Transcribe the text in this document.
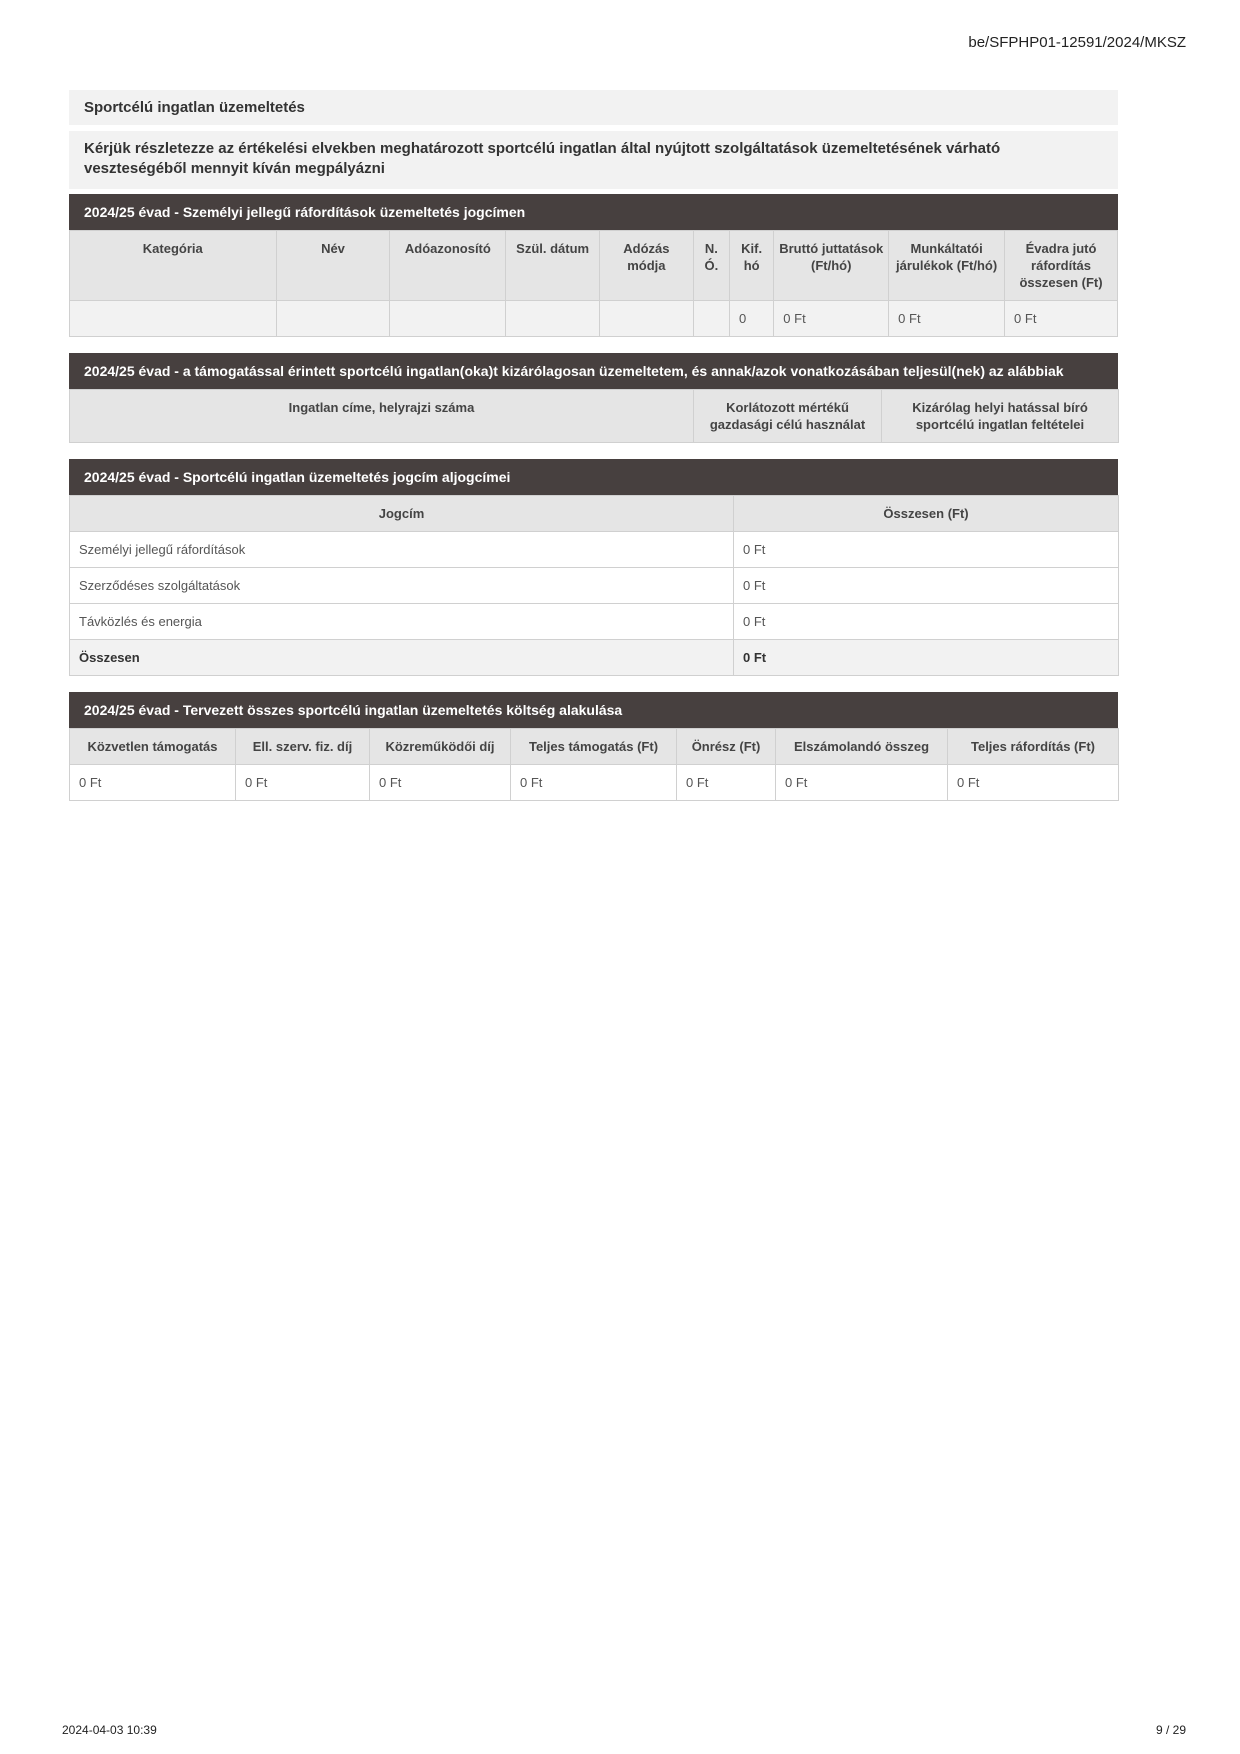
be/SFPHP01-12591/2024/MKSZ
Sportcélú ingatlan üzemeltetés
Kérjük részletezze az értékelési elvekben meghatározott sportcélú ingatlan által nyújtott szolgáltatások üzemeltetésének várható veszteségéből mennyit kíván megpályázni
2024/25 évad - Személyi jellegű ráfordítások üzemeltetés jogcímen
Kategória	Név	Adóazonosító	Szül. dátum	Adózás módja	N. Ó.	Kif. hó	Bruttó juttatások (Ft/hó)	Munkáltatói járulékok (Ft/hó)	Évadra jutó ráfordítás összesen (Ft)
						0	0 Ft	0 Ft	0 Ft
2024/25 évad - a támogatással érintett sportcélú ingatlan(oka)t kizárólagosan üzemeltetem, és annak/azok vonatkozásában teljesül(nek) az alábbiak
Ingatlan címe, helyrajzi száma	Korlátozott mértékű gazdasági célú használat	Kizárólag helyi hatással bíró sportcélú ingatlan feltételei
2024/25 évad - Sportcélú ingatlan üzemeltetés jogcím aljogcímei
Jogcím	Összesen (Ft)
Személyi jellegű ráfordítások	0 Ft
Szerződéses szolgáltatások	0 Ft
Távközlés és energia	0 Ft
Összesen	0 Ft
2024/25 évad - Tervezett összes sportcélú ingatlan üzemeltetés költség alakulása
Közvetlen támogatás	Ell. szerv. fiz. díj	Közreműködői díj	Teljes támogatás (Ft)	Önrész (Ft)	Elszámolandó összeg	Teljes ráfordítás (Ft)
0 Ft	0 Ft	0 Ft	0 Ft	0 Ft	0 Ft	0 Ft
2024-04-03 10:39	9 / 29
